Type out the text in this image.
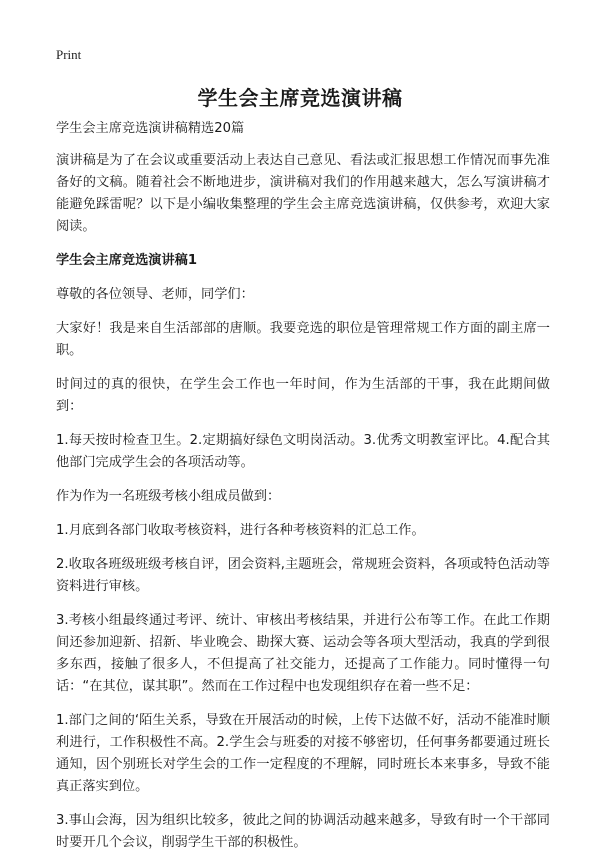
Print
学生会主席竞选演讲稿

学生会主席竞选演讲稿精选20篇

演讲稿是为了在会议或重要活动上表达自己意见、看法或汇报思想工作情况而事先准备好的文稿。随着社会不断地进步，演讲稿对我们的作用越来越大，怎么写演讲稿才能避免踩雷呢？以下是小编收集整理的学生会主席竞选演讲稿，仅供参考，欢迎大家阅读。

学生会主席竞选演讲稿1

尊敬的各位领导、老师，同学们：

大家好！我是来自生活部部的唐顺。我要竞选的职位是管理常规工作方面的副主席一职。

时间过的真的很快，在学生会工作也一年时间，作为生活部的干事，我在此期间做到：

1.每天按时检查卫生。2.定期搞好绿色文明岗活动。3.优秀文明教室评比。4.配合其他部门完成学生会的各项活动等。

作为作为一名班级考核小组成员做到：

1.月底到各部门收取考核资料，进行各种考核资料的汇总工作。

2.收取各班级班级考核自评，团会资料,主题班会，常规班会资料，各项或特色活动等资料进行审核。

3.考核小组最终通过考评、统计、审核出考核结果，并进行公布等工作。在此工作期间还参加迎新、招新、毕业晚会、勘探大赛、运动会等各项大型活动，我真的学到很多东西，接触了很多人，不但提高了社交能力，还提高了工作能力。同时懂得一句话：“在其位，谋其职”。然而在工作过程中也发现组织存在着一些不足：

1.部门之间的‘陌生关系，导致在开展活动的时候，上传下达做不好，活动不能准时顺利进行，工作积极性不高。2.学生会与班委的对接不够密切，任何事务都要通过班长通知，因个别班长对学生会的工作一定程度的不理解，同时班长本来事多，导致不能真正落实到位。

3.事山会海，因为组织比较多，彼此之间的协调活动越来越多，导致有时一个干部同时要开几个会议，削弱学生干部的积极性。
